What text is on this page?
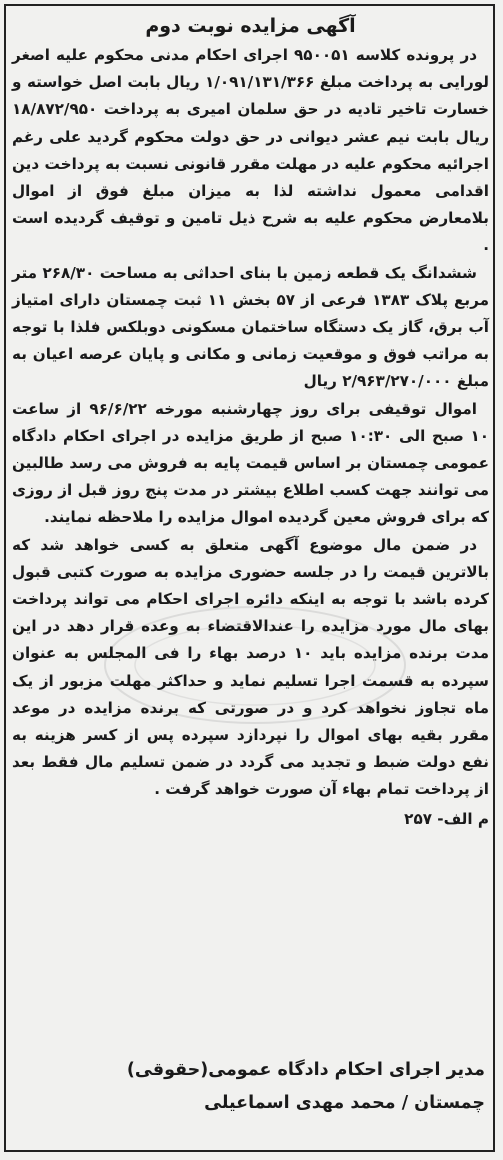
آگهی مزایده نوبت دوم

در پرونده کلاسه ۹۵۰۰۵۱ اجرای احکام مدنی محکوم علیه اصغر لورایی به پرداخت مبلغ ۱/۰۹۱/۱۳۱/۳۶۶ ریال بابت اصل خواسته و خسارت تاخیر تادیه در حق سلمان امیری به پرداخت ۱۸/۸۷۲/۹۵۰ ریال بابت نیم عشر دیوانی در حق دولت محکوم گردید علی رغم اجرائیه محکوم علیه در مهلت مقرر قانونی نسبت به پرداخت دین اقدامی معمول نداشته لذا به میزان مبلغ فوق از اموال بلامعارض محکوم علیه به شرح ذیل تامین و توقیف گردیده است .

ششدانگ یک قطعه زمین با بنای احداثی به مساحت ۲۶۸/۳۰ متر مربع پلاک ۱۳۸۳ فرعی از ۵۷ بخش ۱۱ ثبت چمستان دارای امتیاز آب برق، گاز یک دستگاه ساختمان مسکونی دوبلکس فلذا با توجه به مراتب فوق و موقعیت زمانی و مکانی و پایان عرصه اعیان به مبلغ ۲/۹۶۳/۲۷۰/۰۰۰ ریال

اموال توقیفی برای روز چهارشنبه مورخه ۹۶/۶/۲۲ از ساعت ۱۰ صبح الی ۱۰:۳۰ صبح از طریق مزایده در اجرای احکام دادگاه عمومی چمستان بر اساس قیمت پایه به فروش می رسد طالبین می توانند جهت کسب اطلاع بیشتر در مدت پنج روز قبل از روزی که برای فروش معین گردیده اموال مزایده را ملاحظه نمایند.

در ضمن مال موضوع آگهی متعلق به کسی خواهد شد که بالاترین قیمت را در جلسه حضوری مزایده به صورت کتبی قبول کرده باشد با توجه به اینکه دائره اجرای احکام می تواند پرداخت بهای مال مورد مزایده را عندالاقتضاء به وعده قرار دهد در این مدت برنده مزایده باید ۱۰ درصد بهاء را فی المجلس به عنوان سپرده به قسمت اجرا تسلیم نماید و حداکثر مهلت مزبور از یک ماه تجاوز نخواهد کرد و در صورتی که برنده مزایده در موعد مقرر بقیه بهای اموال را نپردازد سپرده پس از کسر هزینه به نفع دولت ضبط و تجدید می گردد در ضمن تسلیم مال فقط بعد از پرداخت تمام بهاء آن صورت خواهد گرفت .

م الف- ۲۵۷
مدیر اجرای احکام دادگاه عمومی(حقوقی)
چمستان / محمد مهدی اسماعیلی
